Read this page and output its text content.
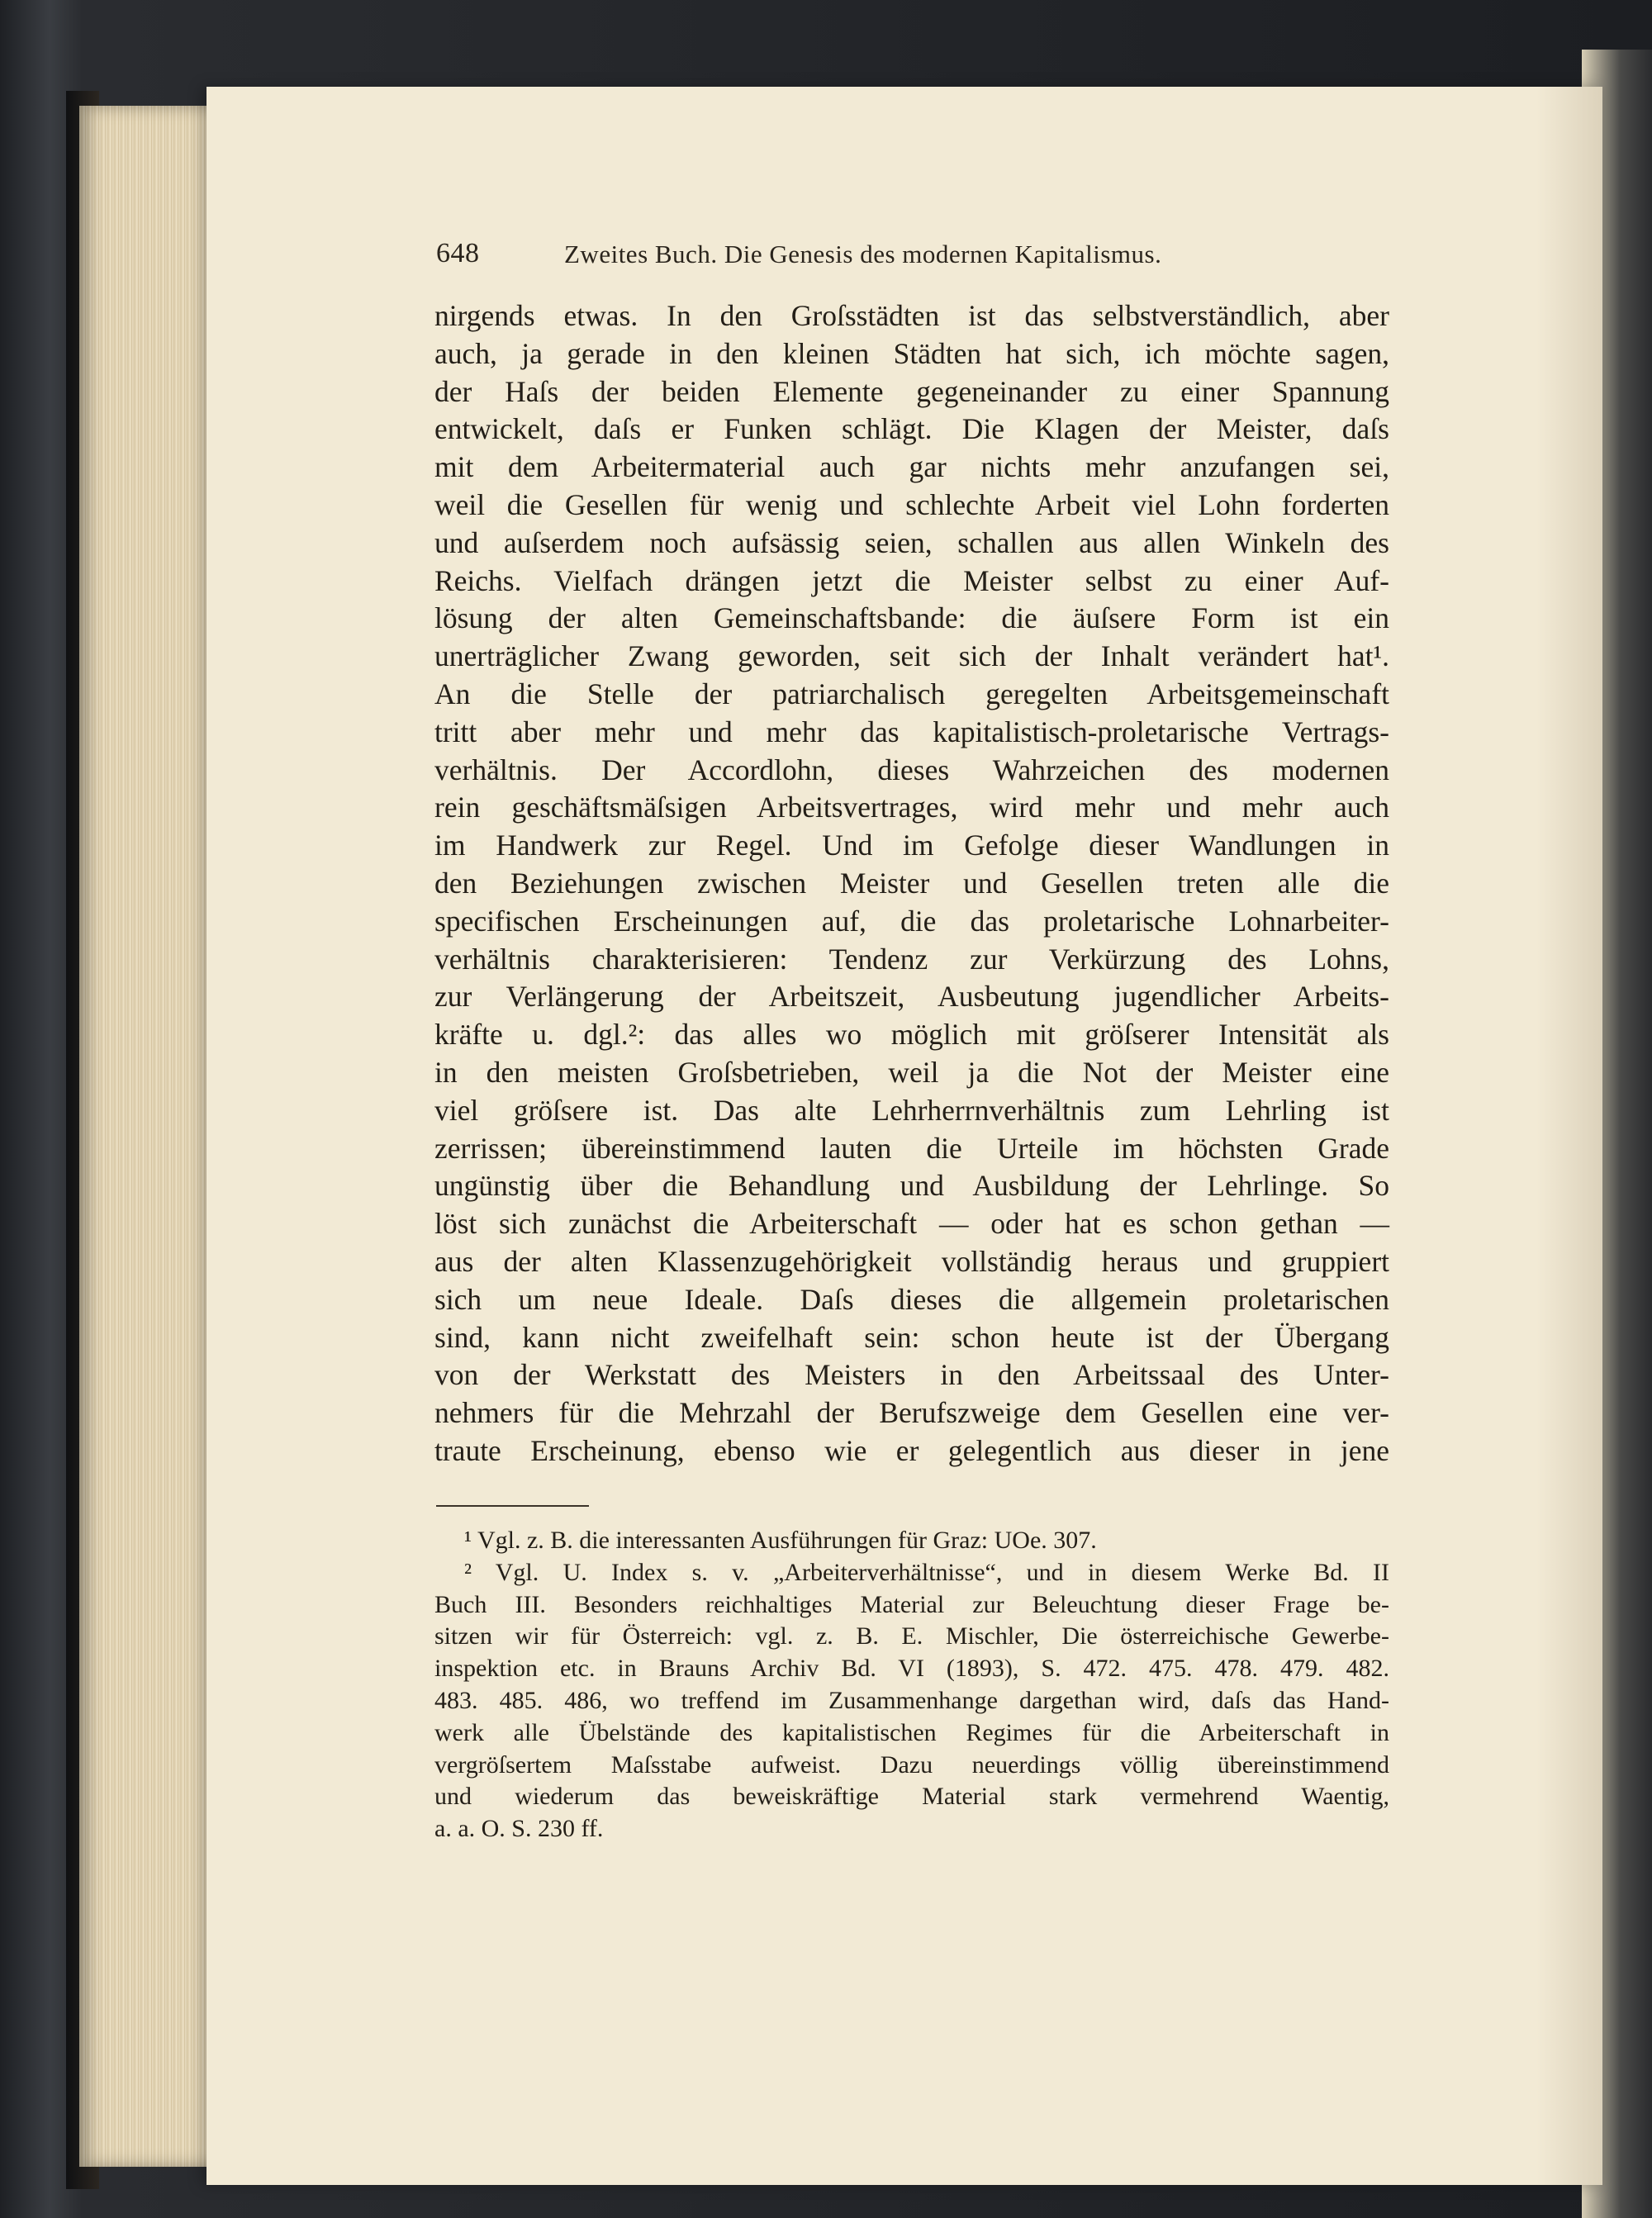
648	Zweites Buch. Die Genesis des modernen Kapitalismus.
nirgends etwas. In den Groſsstädten ist das selbstverständlich, aber
auch, ja gerade in den kleinen Städten hat sich, ich möchte sagen,
der Haſs der beiden Elemente gegeneinander zu einer Spannung
entwickelt, daſs er Funken schlägt. Die Klagen der Meister, daſs
mit dem Arbeitermaterial auch gar nichts mehr anzufangen sei,
weil die Gesellen für wenig und schlechte Arbeit viel Lohn forderten
und auſserdem noch aufsässig seien, schallen aus allen Winkeln des
Reichs. Vielfach drängen jetzt die Meister selbst zu einer Auf-
lösung der alten Gemeinschaftsbande: die äuſsere Form ist ein
unerträglicher Zwang geworden, seit sich der Inhalt verändert hat¹.
An die Stelle der patriarchalisch geregelten Arbeitsgemeinschaft
tritt aber mehr und mehr das kapitalistisch-proletarische Vertrags-
verhältnis. Der Accordlohn, dieses Wahrzeichen des modernen
rein geschäftsmäſsigen Arbeitsvertrages, wird mehr und mehr auch
im Handwerk zur Regel. Und im Gefolge dieser Wandlungen in
den Beziehungen zwischen Meister und Gesellen treten alle die
specifischen Erscheinungen auf, die das proletarische Lohnarbeiter-
verhältnis charakterisieren: Tendenz zur Verkürzung des Lohns,
zur Verlängerung der Arbeitszeit, Ausbeutung jugendlicher Arbeits-
kräfte u. dgl.²: das alles wo möglich mit gröſserer Intensität als
in den meisten Groſsbetrieben, weil ja die Not der Meister eine
viel gröſsere ist. Das alte Lehrherrnverhältnis zum Lehrling ist
zerrissen; übereinstimmend lauten die Urteile im höchsten Grade
ungünstig über die Behandlung und Ausbildung der Lehrlinge. So
löst sich zunächst die Arbeiterschaft — oder hat es schon gethan —
aus der alten Klassenzugehörigkeit vollständig heraus und gruppiert
sich um neue Ideale. Daſs dieses die allgemein proletarischen
sind, kann nicht zweifelhaft sein: schon heute ist der Übergang
von der Werkstatt des Meisters in den Arbeitssaal des Unter-
nehmers für die Mehrzahl der Berufszweige dem Gesellen eine ver-
traute Erscheinung, ebenso wie er gelegentlich aus dieser in jene
¹ Vgl. z. B. die interessanten Ausführungen für Graz: UOe. 307.
² Vgl. U. Index s. v. „Arbeiterverhältnisse“, und in diesem Werke Bd. II
Buch III. Besonders reichhaltiges Material zur Beleuchtung dieser Frage be-
sitzen wir für Österreich: vgl. z. B. E. Mischler, Die österreichische Gewerbe-
inspektion etc. in Brauns Archiv Bd. VI (1893), S. 472. 475. 478. 479. 482.
483. 485. 486, wo treffend im Zusammenhange dargethan wird, daſs das Hand-
werk alle Übelstände des kapitalistischen Regimes für die Arbeiterschaft in
vergröſsertem Maſsstabe aufweist. Dazu neuerdings völlig übereinstimmend
und wiederum das beweiskräftige Material stark vermehrend Waentig,
a. a. O. S. 230 ff.
